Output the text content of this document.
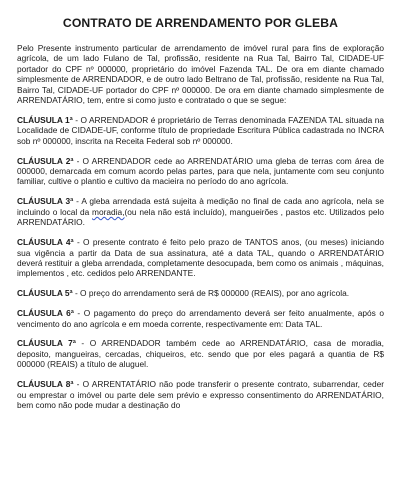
CONTRATO DE ARRENDAMENTO POR GLEBA

Pelo Presente instrumento particular de arrendamento de imóvel rural para fins de exploração agrícola, de um lado Fulano de Tal, profissão, residente na Rua Tal, Bairro Tal, CIDADE-UF portador do CPF nº 000000, proprietário do imóvel Fazenda TAL. De ora em diante chamado simplesmente de ARRENDADOR, e de outro lado Beltrano de Tal, profissão, residente na Rua Tal, Bairro Tal, CIDADE-UF portador do CPF nº 000000. De ora em diante chamado simplesmente de ARRENDATÁRIO, tem, entre si como justo e contratado o que se segue:

CLÁUSULA 1ª - O ARRENDADOR é proprietário de Terras denominada FAZENDA TAL situada na Localidade de CIDADE-UF, conforme título de propriedade Escritura Pública cadastrada no INCRA sob nº 000000, inscrita na Receita Federal sob nº 000000.

CLÁUSULA 2ª - O ARRENDADOR cede ao ARRENDATÁRIO uma gleba de terras com área de 000000, demarcada em comum acordo pelas partes, para que nela, juntamente com seu conjunto familiar, cultive o plantio e cultivo da macieira no período do ano agrícola.

CLÁUSULA 3ª - A gleba arrendada está sujeita à medição no final de cada ano agrícola, nela se incluindo o local da moradia,(ou nela não está incluído), mangueirões , pastos etc. Utilizados pelo ARRENDATÁRIO.

CLÁUSULA 4ª - O presente contrato é feito pelo prazo de TANTOS anos, (ou meses) iniciando sua vigência a partir da Data de sua assinatura, até a data TAL, quando o ARRENDATÁRIO deverá restituir a gleba arrendada, completamente desocupada, bem como os animais , máquinas, implementos , etc. cedidos pelo ARRENDANTE.

CLÁUSULA 5ª - O preço do arrendamento será de R$ 000000 (REAIS), por ano agrícola.

CLÁUSULA 6ª - O pagamento do preço do arrendamento deverá ser feito anualmente, após o vencimento do ano agrícola e em moeda corrente, respectivamente em: Data TAL.

CLÁUSULA 7ª - O ARRENDADOR também cede ao ARRENDATÁRIO, casa de moradia, deposito, mangueiras, cercadas, chiqueiros, etc. sendo que por eles pagará a quantia de R$ 000000 (REAIS) a título de aluguel.

CLÁUSULA 8ª - O ARRENTATÁRIO não pode transferir o presente contrato, subarrendar, ceder ou emprestar o imóvel ou parte dele sem prévio e expresso consentimento do ARRENDATÁRIO, bem como não pode mudar a destinação do
